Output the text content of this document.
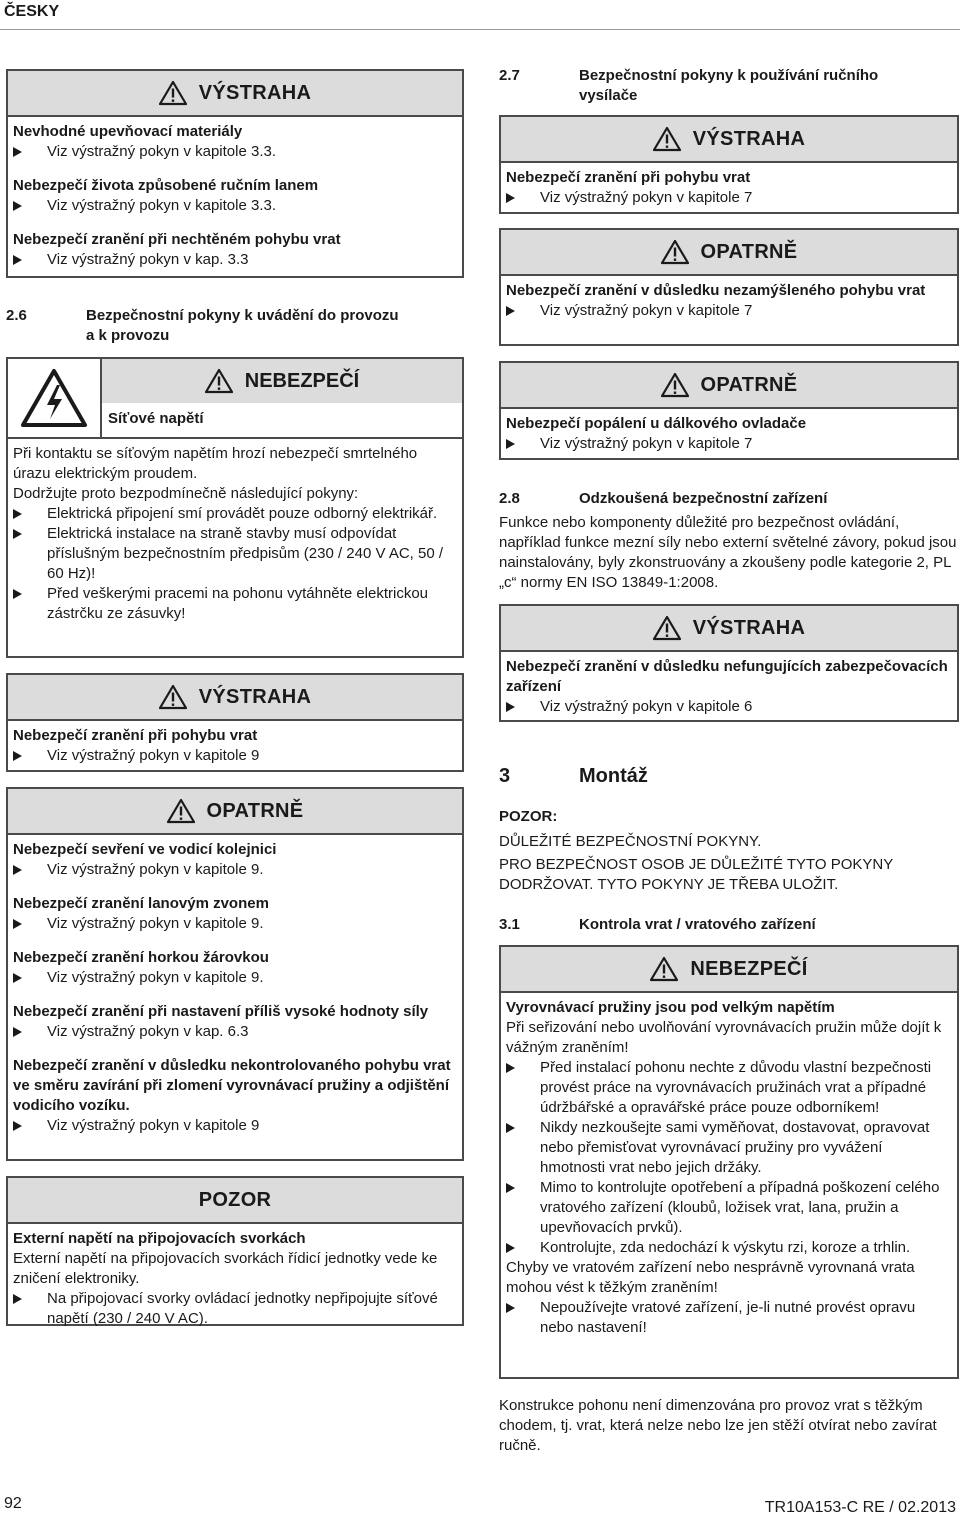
ČESKY
VÝSTRAHA
Nevhodné upevňovací materiály
Viz výstražný pokyn v kapitole 3.3.
Nebezpečí života způsobené ručním lanem
Viz výstražný pokyn v kapitole 3.3.
Nebezpečí zranění při nechtěném pohybu vrat
Viz výstražný pokyn v kap. 3.3
2.6	Bezpečnostní pokyny k uvádění do provozu
a k provozu
NEBEZPEČÍ
Síťové napětí
Při kontaktu se síťovým napětím hrozí nebezpečí smrtelného úrazu elektrickým proudem.
Dodržujte proto bezpodmínečně následující pokyny:
Elektrická připojení smí provádět pouze odborný elektrikář.
Elektrická instalace na straně stavby musí odpovídat příslušným bezpečnostním předpisům (230 / 240 V AC, 50 / 60 Hz)!
Před veškerými pracemi na pohonu vytáhněte elektrickou zástrčku ze zásuvky!
VÝSTRAHA
Nebezpečí zranění při pohybu vrat
Viz výstražný pokyn v kapitole 9
OPATRNĚ
Nebezpečí sevření ve vodicí kolejnici
Viz výstražný pokyn v kapitole 9.
Nebezpečí zranění lanovým zvonem
Viz výstražný pokyn v kapitole 9.
Nebezpečí zranění horkou žárovkou
Viz výstražný pokyn v kapitole 9.
Nebezpečí zranění při nastavení příliš vysoké hodnoty síly
Viz výstražný pokyn v kap. 6.3
Nebezpečí zranění v důsledku nekontrolovaného pohybu vrat ve směru zavírání při zlomení vyrovnávací pružiny a odjištění vodicího vozíku.
Viz výstražný pokyn v kapitole 9
POZOR
Externí napětí na připojovacích svorkách
Externí napětí na připojovacích svorkách řídicí jednotky vede ke zničení elektroniky.
Na připojovací svorky ovládací jednotky nepřipojujte síťové napětí (230 / 240 V AC).
2.7	Bezpečnostní pokyny k používání ručního
vysílače
VÝSTRAHA
Nebezpečí zranění při pohybu vrat
Viz výstražný pokyn v kapitole 7
OPATRNĚ
Nebezpečí zranění v důsledku nezamýšleného pohybu vrat
Viz výstražný pokyn v kapitole 7
OPATRNĚ
Nebezpečí popálení u dálkového ovladače
Viz výstražný pokyn v kapitole 7
2.8	Odzkoušená bezpečnostní zařízení
Funkce nebo komponenty důležité pro bezpečnost ovládání, například funkce mezní síly nebo externí světelné závory, pokud jsou nainstalovány, byly zkonstruovány a zkoušeny podle kategorie 2, PL „c“ normy EN ISO 13849-1:2008.
VÝSTRAHA
Nebezpečí zranění v důsledku nefungujících zabezpečovacích zařízení
Viz výstražný pokyn v kapitole 6
3	Montáž
POZOR:
DŮLEŽITÉ BEZPEČNOSTNÍ POKYNY.
PRO BEZPEČNOST OSOB JE DŮLEŽITÉ TYTO POKYNY DODRŽOVAT. TYTO POKYNY JE TŘEBA ULOŽIT.
3.1	Kontrola vrat / vratového zařízení
NEBEZPEČÍ
Vyrovnávací pružiny jsou pod velkým napětím
Při seřizování nebo uvolňování vyrovnávacích pružin může dojít k vážným zraněním!
Před instalací pohonu nechte z důvodu vlastní bezpečnosti provést práce na vyrovnávacích pružinách vrat a případné údržbářské a opravářské práce pouze odborníkem!
Nikdy nezkoušejte sami vyměňovat, dostavovat, opravovat nebo přemisťovat vyrovnávací pružiny pro vyvážení hmotnosti vrat nebo jejich držáky.
Mimo to kontrolujte opotřebení a případná poškození celého vratového zařízení (kloubů, ložisek vrat, lana, pružin a upevňovacích prvků).
Kontrolujte, zda nedochází k výskytu rzi, koroze a trhlin.
Chyby ve vratovém zařízení nebo nesprávně vyrovnaná vrata mohou vést k těžkým zraněním!
Nepoužívejte vratové zařízení, je-li nutné provést opravu nebo nastavení!
Konstrukce pohonu není dimenzována pro provoz vrat s těžkým chodem, tj. vrat, která nelze nebo lze jen stěží otvírat nebo zavírat ručně.
92	TR10A153-C RE / 02.2013
